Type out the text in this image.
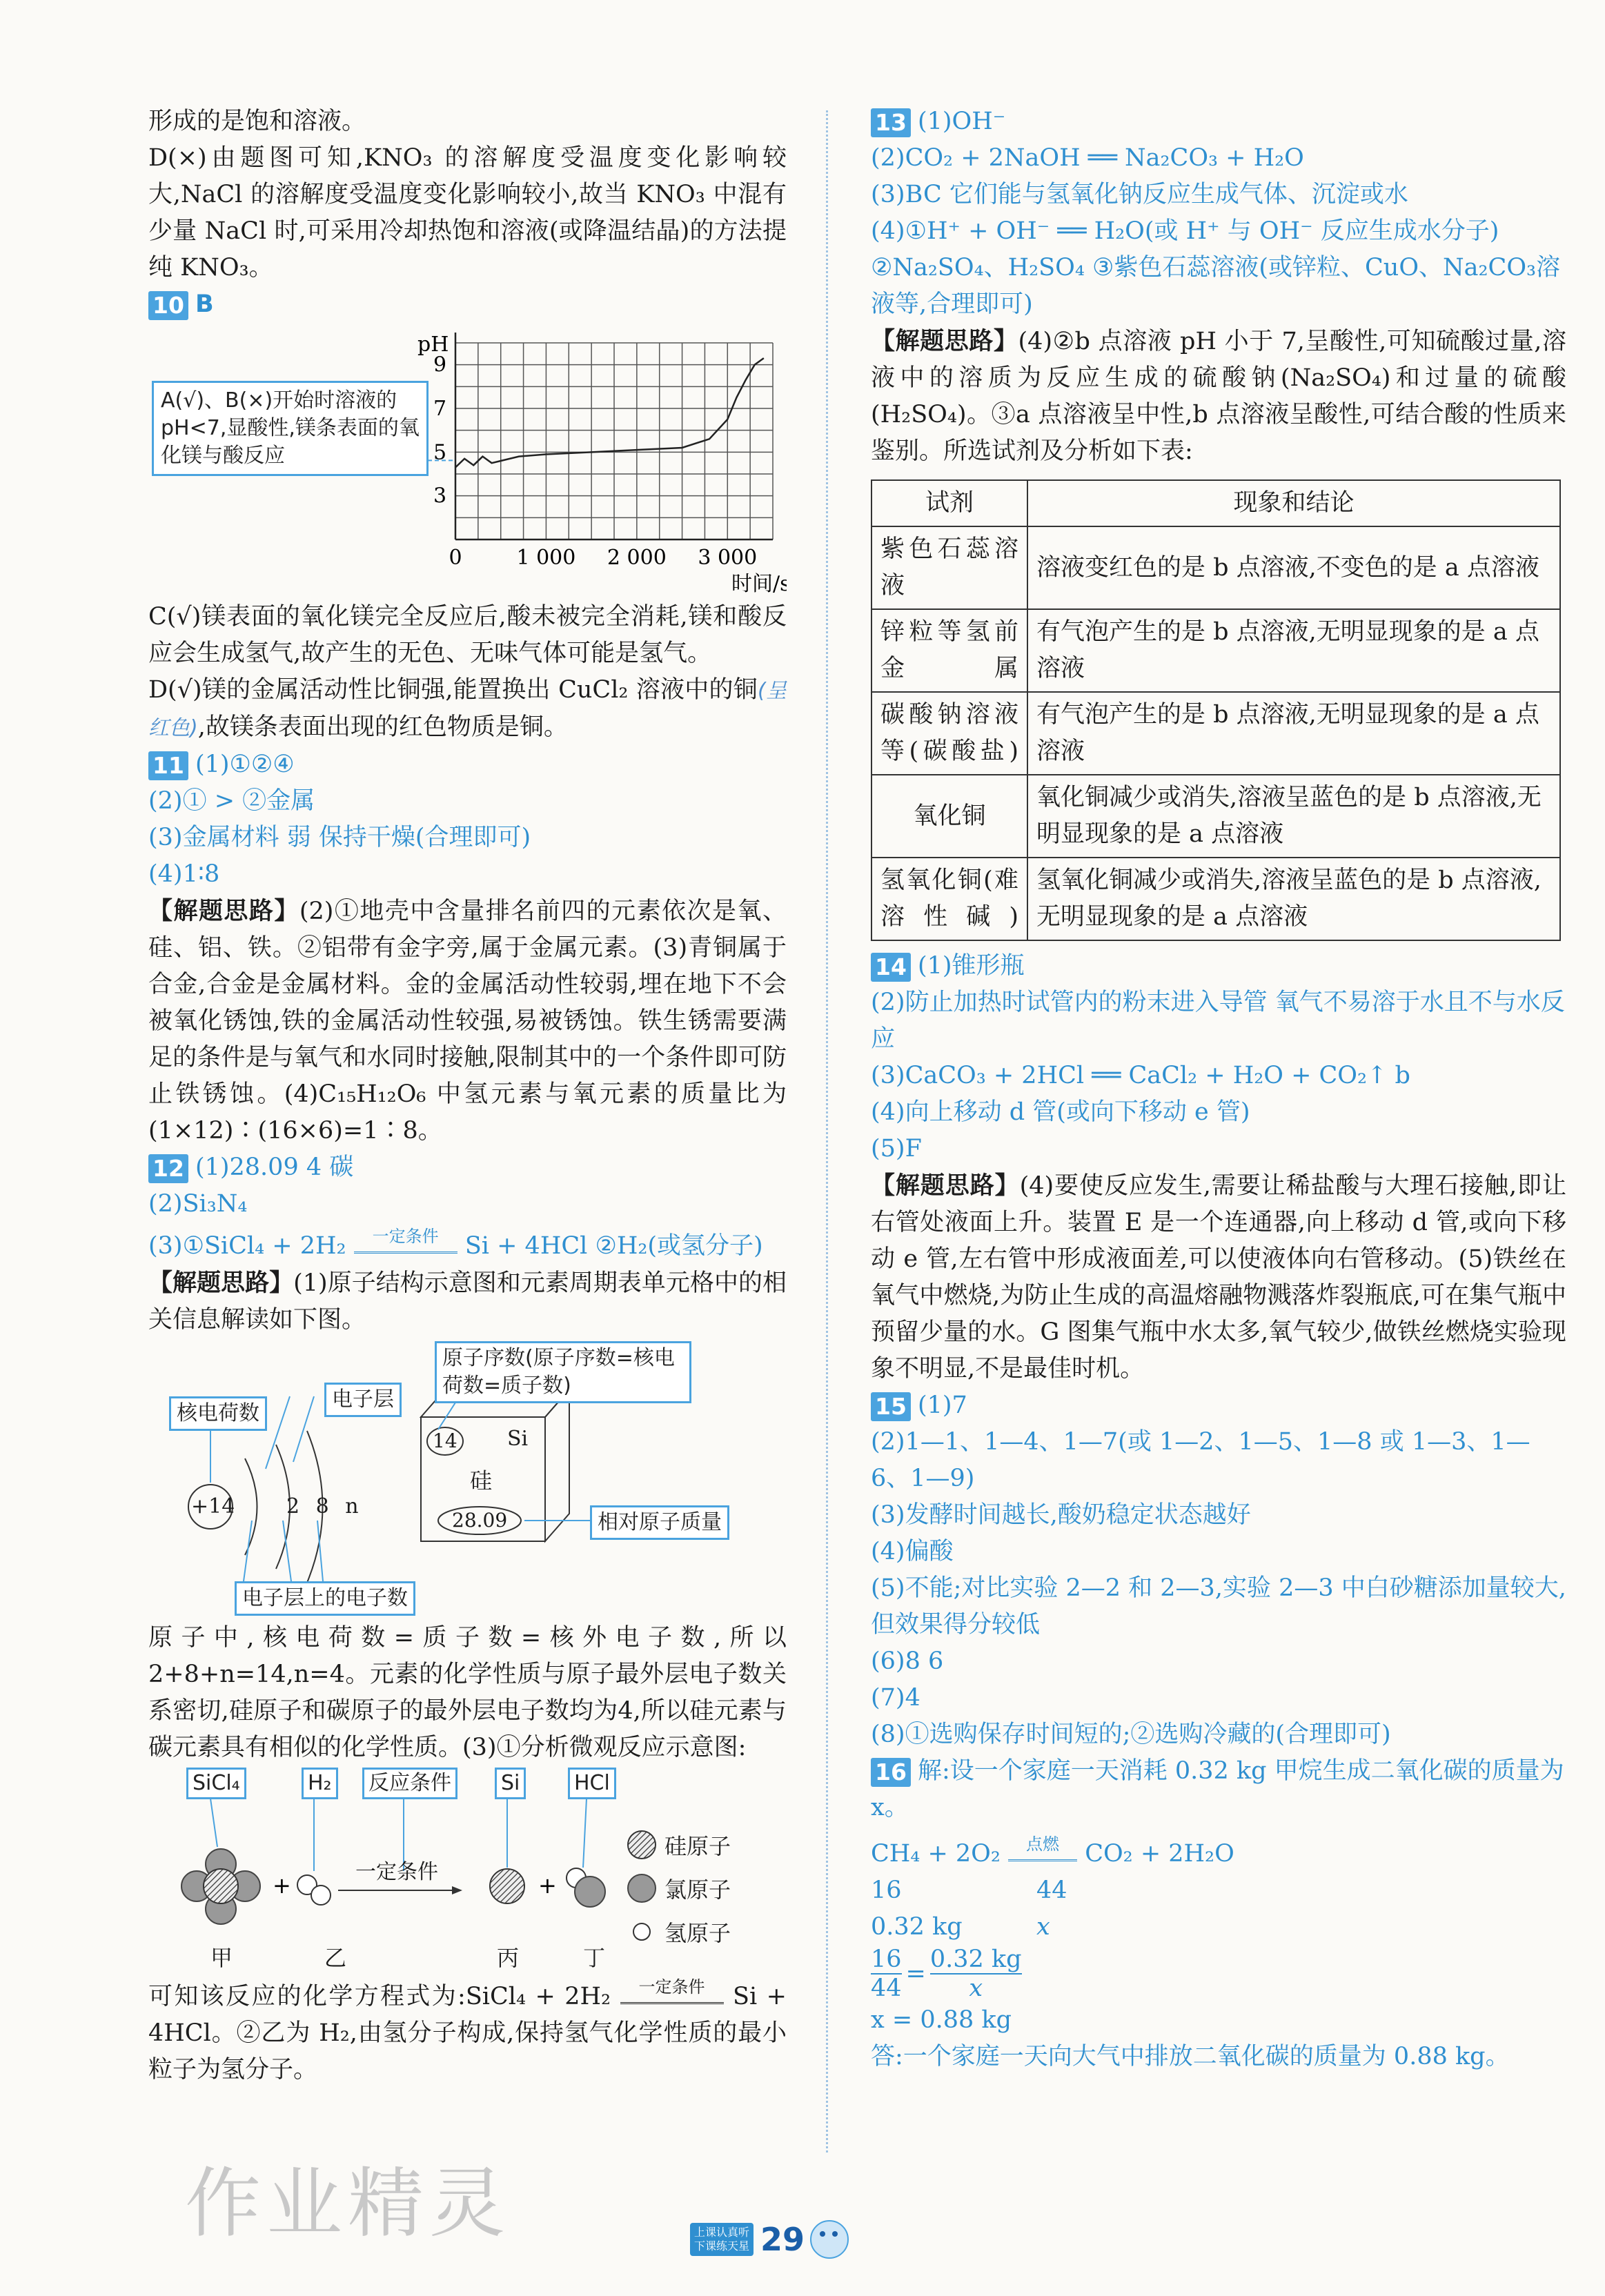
形成的是饱和溶液。

D(×)由题图可知,KNO₃ 的溶解度受温度变化影响较大,NaCl 的溶解度受温度变化影响较小,故当 KNO₃ 中混有少量 NaCl 时,可采用冷却热饱和溶液(或降温结晶)的方法提纯 KNO₃。

10 B
3
5
7
9
0	1 000 2 000 3 000
pH
时间/s
A(√)、B(×)开始时溶液的pH<7,显酸性,镁条表面的氧化镁与酸反应

C(√)镁表面的氧化镁完全反应后,酸未被完全消耗,镁和酸反应会生成氢气,故产生的无色、无味气体可能是氢气。

D(√)镁的金属活动性比铜强,能置换出 CuCl₂ 溶液中的铜(呈红色),故镁条表面出现的红色物质是铜。

11 (1)①②④
(2)① > ②金属
(3)金属材料 弱 保持干燥(合理即可)
(4)1∶8

【解题思路】(2)①地壳中含量排名前四的元素依次是氧、硅、铝、铁。②铝带有金字旁,属于金属元素。(3)青铜属于合金,合金是金属材料。金的金属活动性较弱,埋在地下不会被氧化锈蚀,铁的金属活动性较强,易被锈蚀。铁生锈需要满足的条件是与氧气和水同时接触,限制其中的一个条件即可防止铁锈蚀。(4)C₁₅H₁₂O₆ 中氢元素与氧元素的质量比为(1×12)∶(16×6)=1∶8。

12 (1)28.09 4 碳
(2)Si₃N₄
(3)①SiCl₄ + 2H₂	一定条件	Si + 4HCl ②H₂(或氢分子)

【解题思路】(1)原子结构示意图和元素周期表单元格中的相关信息解读如下图。

原子序数(原子序数=核电荷数=质子数)
电子层
核电荷数
相对原子质量
电子层上的电子数
+14 2 8 n
14 Si
硅
28.09

原子中,核电荷数=质子数=核外电子数,所以 2+8+n=14,n=4。元素的化学性质与原子最外层电子数关系密切,硅原子和碳原子的最外层电子数均为4,所以硅元素与碳元素具有相似的化学性质。(3)①分析微观反应示意图:

+	+
SiCl₄	H₂	反应条件	Si	HCl
一定条件
甲	乙	丙	丁
硅原子
氯原子
氢原子

可知该反应的化学方程式为:SiCl₄ + 2H₂	一定条件	Si + 4HCl。②乙为 H₂,由氢分子构成,保持氢气化学性质的最小粒子为氢分子。

13 (1)OH⁻
(2)CO₂ + 2NaOH ══ Na₂CO₃ + H₂O
(3)BC 它们能与氢氧化钠反应生成气体、沉淀或水
(4)①H⁺ + OH⁻ ══ H₂O(或 H⁺ 与 OH⁻ 反应生成水分子)
②Na₂SO₄、H₂SO₄ ③紫色石蕊溶液(或锌粒、CuO、Na₂CO₃溶液等,合理即可)

【解题思路】(4)②b 点溶液 pH 小于 7,呈酸性,可知硫酸过量,溶液中的溶质为反应生成的硫酸钠(Na₂SO₄)和过量的硫酸(H₂SO₄)。③a 点溶液呈中性,b 点溶液呈酸性,可结合酸的性质来鉴别。所选试剂及分析如下表:

试剂	现象和结论
紫色石蕊溶液	溶液变红色的是 b 点溶液,不变色的是 a 点溶液
锌粒等氢前金属	有气泡产生的是 b 点溶液,无明显现象的是 a 点溶液
碳酸钠溶液等(碳酸盐)	有气泡产生的是 b 点溶液,无明显现象的是 a 点溶液
氧化铜	氧化铜减少或消失,溶液呈蓝色的是 b 点溶液,无明显现象的是 a 点溶液
氢氧化铜(难溶性碱)	氢氧化铜减少或消失,溶液呈蓝色的是 b 点溶液,无明显现象的是 a 点溶液
14 (1)锥形瓶
(2)防止加热时试管内的粉末进入导管 氧气不易溶于水且不与水反应
(3)CaCO₃ + 2HCl ══ CaCl₂ + H₂O + CO₂↑ b
(4)向上移动 d 管(或向下移动 e 管)
(5)F

【解题思路】(4)要使反应发生,需要让稀盐酸与大理石接触,即让右管处液面上升。装置 E 是一个连通器,向上移动 d 管,或向下移动 e 管,左右管中形成液面差,可以使液体向右管移动。(5)铁丝在氧气中燃烧,为防止生成的高温熔融物溅落炸裂瓶底,可在集气瓶中预留少量的水。G 图集气瓶中水太多,氧气较少,做铁丝燃烧实验现象不明显,不是最佳时机。

15 (1)7
(2)1—1、1—4、1—7(或 1—2、1—5、1—8 或 1—3、1—6、1—9)
(3)发酵时间越长,酸奶稳定状态越好
(4)偏酸
(5)不能;对比实验 2—2 和 2—3,实验 2—3 中白砂糖添加量较大,但效果得分较低
(6)8 6
(7)4
(8)①选购保存时间短的;②选购冷藏的(合理即可)
16 解:设一个家庭一天消耗 0.32 kg 甲烷生成二氧化碳的质量为 x。
CH₄ + 2O₂	点燃	CO₂ + 2H₂O
16	44
0.32 kg	x
$\frac{16}{44} = \frac{0.32 kg}{x}$
x = 0.88 kg

答:一个家庭一天向大气中排放二氧化碳的质量为 0.88 kg。

上课认真听
下课练天星 29
作业精灵
